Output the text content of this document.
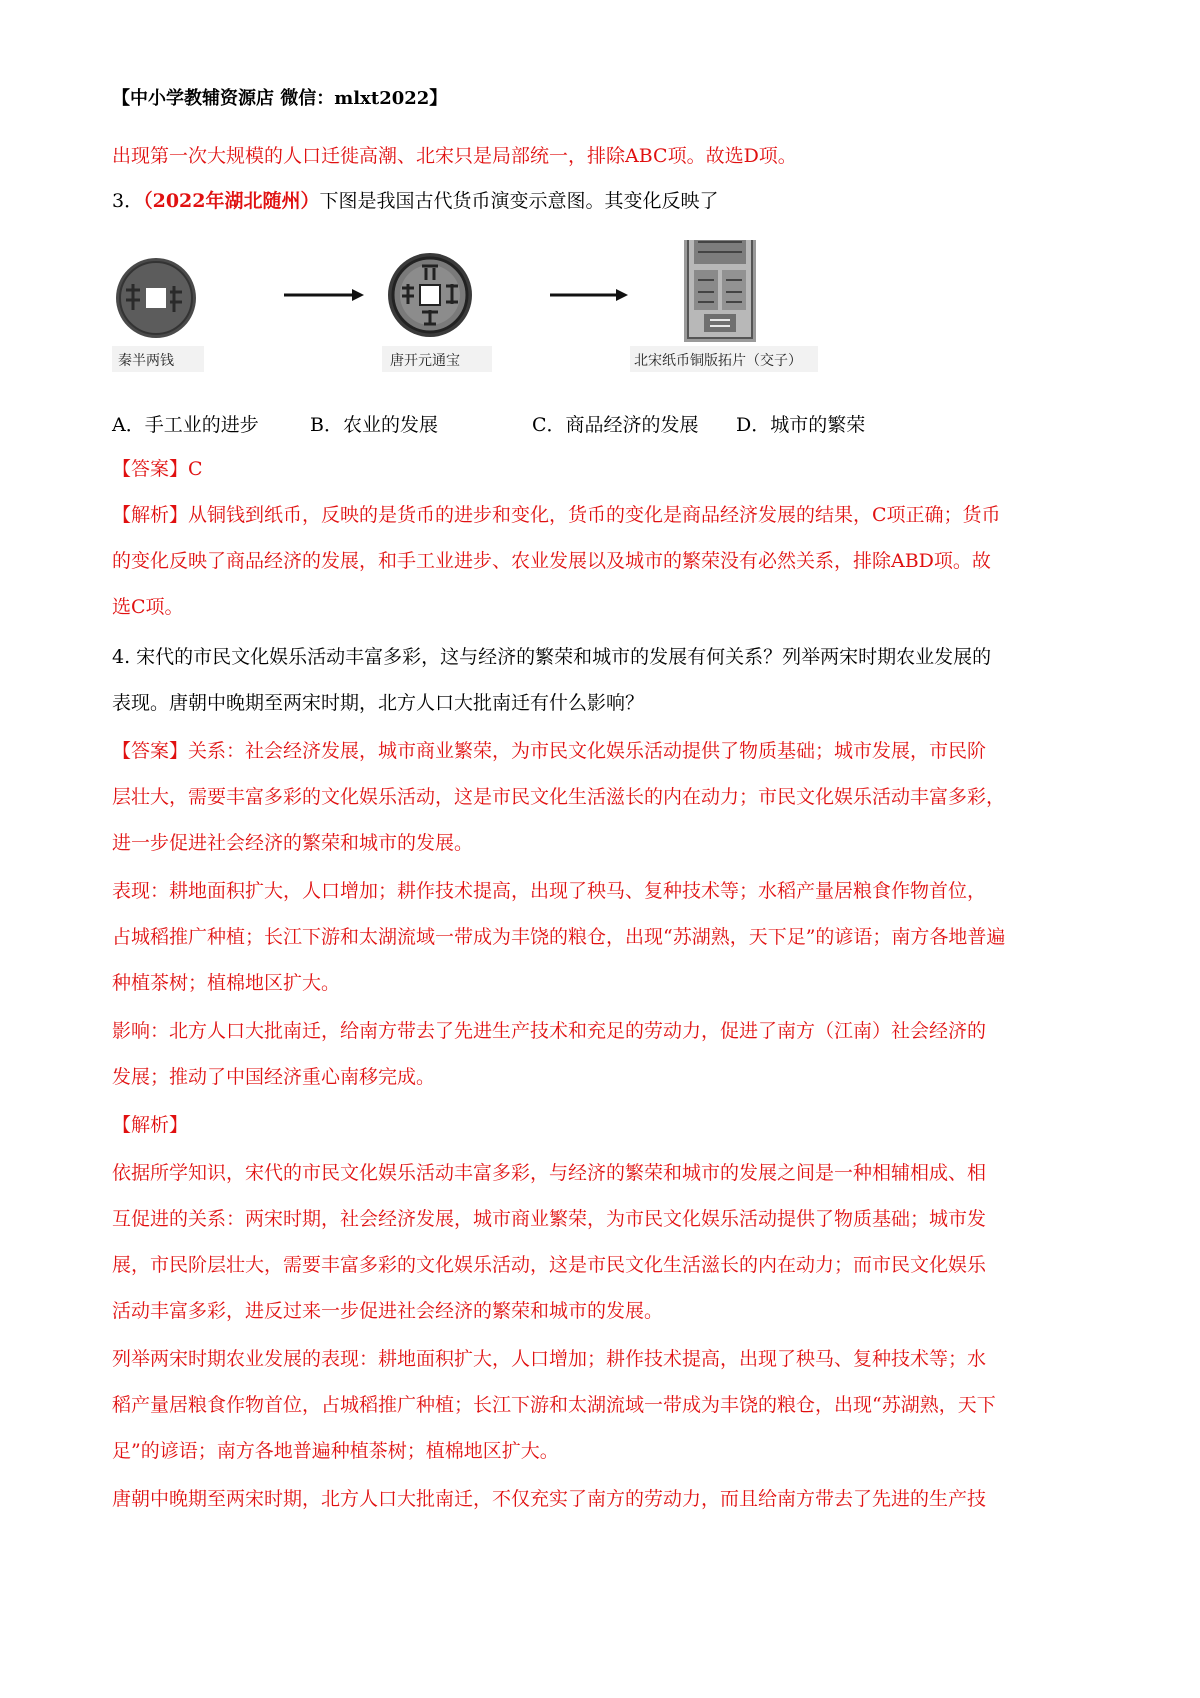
【中小学教辅资源店 微信：mlxt2022】
出现第一次大规模的人口迁徙高潮、北宋只是局部统一，排除ABC项。故选D项。
3．（2022年湖北随州）下图是我国古代货币演变示意图。其变化反映了
秦半两钱	唐开元通宝	北宋纸币铜版拓片（交子）
A．手工业的进步	B．农业的发展	C．商品经济的发展 D．城市的繁荣
【答案】C
【解析】从铜钱到纸币，反映的是货币的进步和变化，货币的变化是商品经济发展的结果，C项正确；货币
的变化反映了商品经济的发展，和手工业进步、农业发展以及城市的繁荣没有必然关系，排除ABD项。故
选C项。
4. 宋代的市民文化娱乐活动丰富多彩，这与经济的繁荣和城市的发展有何关系？列举两宋时期农业发展的
表现。唐朝中晚期至两宋时期，北方人口大批南迁有什么影响？
【答案】关系：社会经济发展，城市商业繁荣，为市民文化娱乐活动提供了物质基础；城市发展，市民阶
层壮大，需要丰富多彩的文化娱乐活动，这是市民文化生活滋长的内在动力；市民文化娱乐活动丰富多彩，
进一步促进社会经济的繁荣和城市的发展。
表现：耕地面积扩大，人口增加；耕作技术提高，出现了秧马、复种技术等；水稻产量居粮食作物首位，
占城稻推广种植；长江下游和太湖流域一带成为丰饶的粮仓，出现“苏湖熟，天下足”的谚语；南方各地普遍
种植茶树；植棉地区扩大。
影响：北方人口大批南迁，给南方带去了先进生产技术和充足的劳动力，促进了南方（江南）社会经济的
发展；推动了中国经济重心南移完成。
【解析】
依据所学知识，宋代的市民文化娱乐活动丰富多彩，与经济的繁荣和城市的发展之间是一种相辅相成、相
互促进的关系：两宋时期，社会经济发展，城市商业繁荣，为市民文化娱乐活动提供了物质基础；城市发
展，市民阶层壮大，需要丰富多彩的文化娱乐活动，这是市民文化生活滋长的内在动力；而市民文化娱乐
活动丰富多彩，进反过来一步促进社会经济的繁荣和城市的发展。
列举两宋时期农业发展的表现：耕地面积扩大，人口增加；耕作技术提高，出现了秧马、复种技术等；水
稻产量居粮食作物首位，占城稻推广种植；长江下游和太湖流域一带成为丰饶的粮仓，出现“苏湖熟，天下
足”的谚语；南方各地普遍种植茶树；植棉地区扩大。
唐朝中晚期至两宋时期，北方人口大批南迁，不仅充实了南方的劳动力，而且给南方带去了先进的生产技
